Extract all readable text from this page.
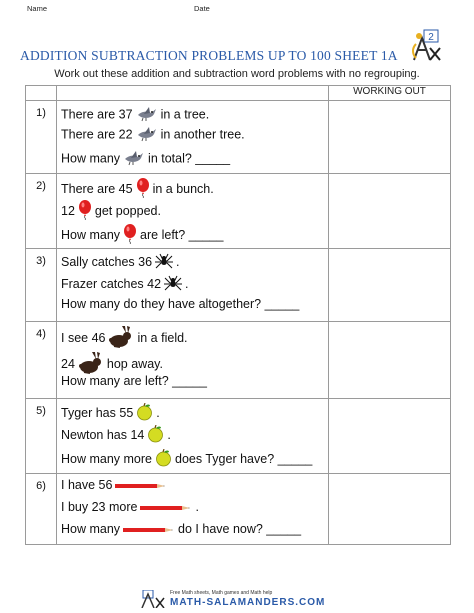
Name	Date
2
ADDITION SUBTRACTION PROBLEMS UP TO 100 SHEET 1A
Work out these addition and subtraction word problems with no regrouping.
		WORKING OUT

1)	There are 37 in a tree.
There are 22 in another tree.
How many in total? _____	

2)	There are 45 in a bunch.
12 get popped.
How many are left? _____	

3)	Sally catches 36 .
Frazer catches 42 .
How many do they have altogether? _____	

4)	I see 46 in a field.
24 hop away.
How many are left? _____	

5)	Tyger has 55 .
Newton has 14 .
How many more does Tyger have? _____	

6)	I have 56
I buy 23 more .
How many do I have now? _____	

Free Math sheets, Math games and Math help
MATH-SALAMANDERS.COM
